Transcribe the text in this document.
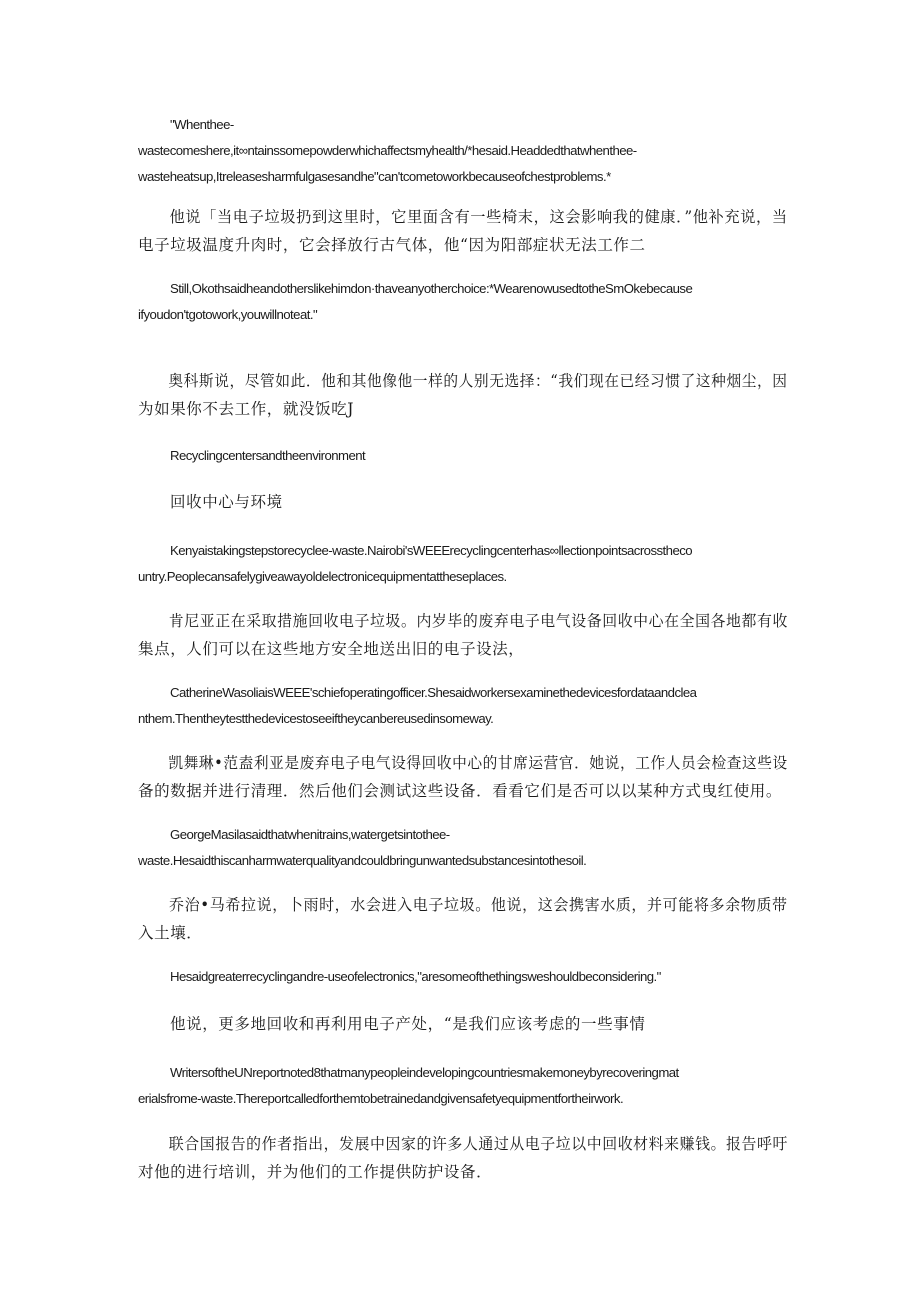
"Whenthee-
wastecomeshere,it∞ntainssomepowderwhichaffectsmyhealth/*hesaid.Headdedthatwhenthee-
wasteheatsup,Itreleasesharmfulgasesandhe"can'tcometoworkbecauseofchestproblems.*
他说「当电子垃圾扔到这里时，它里面含有一些椅末，这会影响我的健康．”他补充说，当
电子垃圾温度升肉时，它会择放行古气体，他“因为阳部症状无法工作二
Still,Okothsaidheandotherslikehimdon·thaveanyotherchoice:*WearenowusedtotheSmOkebecause
ifyoudon'tgotowork,youwillnoteat."
奥科斯说，尽管如此．他和其他像他一样的人别无选择：“我们现在已经习惯了这种烟尘，因
为如果你不去工作，就没饭吃J
Recyclingcentersandtheenvironment
回收中心与环境
Kenyaistakingstepstorecyclee-waste.Nairobi'sWEEErecyclingcenterhas∞llectionpointsacrosstheco
untry.Peoplecansafelygiveawayoldelectronicequipmentattheseplaces.
肯尼亚正在采取措施回收电子垃圾。内岁毕的废弃电子电气设备回收中心在全国各地都有收
集点，人们可以在这些地方安全地送出旧的电子设法，
CatherineWasoliaisWEEE'schiefoperatingofficer.Shesaidworkersexaminethedevicesfordataandclea
nthem.Thentheytestthedevicestoseeiftheycanbereusedinsomeway.
凯舞琳•范盍利亚是废弃电子电气设得回收中心的甘席运营官．她说，工作人员会检查这些设
备的数据并进行清理．然后他们会测试这些设备．看看它们是否可以以某种方式曳红使用。
GeorgeMasilasaidthatwhenitrains,watergetsintothee-
waste.Hesaidthiscanharmwaterqualityandcouldbringunwantedsubstancesintothesoil.
乔治•马希拉说，卜雨时，水会进入电子垃圾。他说，这会携害水质，并可能将多余物质带
入土壤．
Hesaidgreaterrecyclingandre-useofelectronics,"aresomeofthethingsweshouldbeconsidering."
他说，更多地回收和再利用电子产处，“是我们应该考虑的一些事情
WritersoftheUNreportnoted8thatmanypeopleindevelopingcountriesmakemoneybyrecoveringmat
erialsfrome-waste.Thereportcalledforthemtobetrainedandgivensafetyequipmentfortheirwork.
联合国报告的作者指出，发展中因家的许多人通过从电子垃以中回收材料来赚钱。报告呼吁
对他的进行培训，并为他们的工作提供防护设备．
